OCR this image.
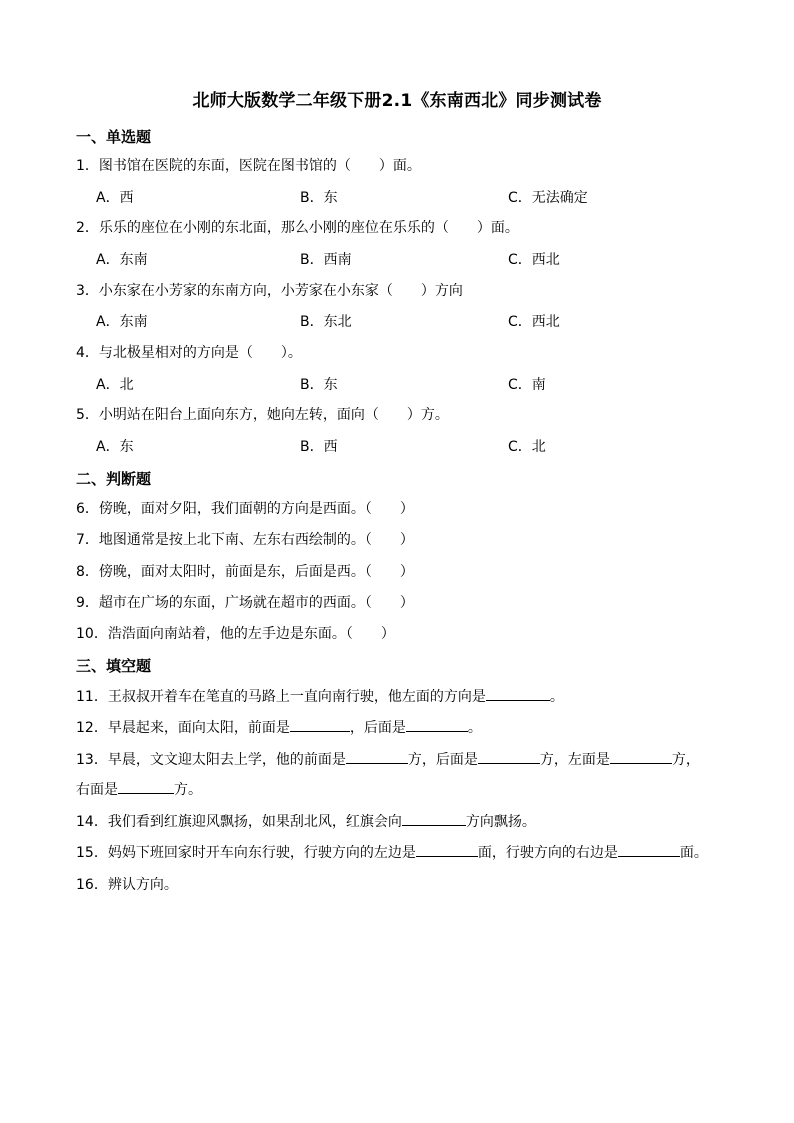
北师大版数学二年级下册2.1《东南西北》同步测试卷
一、单选题
1．图书馆在医院的东面，医院在图书馆的（　　）面。
A．西	B．东	C．无法确定
2．乐乐的座位在小刚的东北面，那么小刚的座位在乐乐的（　　）面。
A．东南	B．西南	C．西北
3．小东家在小芳家的东南方向，小芳家在小东家（　　）方向
A．东南	B．东北	C．西北
4．与北极星相对的方向是（　　）。
A．北	B．东	C．南
5．小明站在阳台上面向东方，她向左转，面向（　　）方。
A．东	B．西	C．北
二、判断题
6．傍晚，面对夕阳，我们面朝的方向是西面。（　　）
7．地图通常是按上北下南、左东右西绘制的。（　　）
8．傍晚，面对太阳时，前面是东，后面是西。（　　）
9．超市在广场的东面，广场就在超市的西面。（　　）
10．浩浩面向南站着，他的左手边是东面。（　　）
三、填空题
11．王叔叔开着车在笔直的马路上一直向南行驶，他左面的方向是	。
12．早晨起来，面向太阳，前面是	，后面是	。
13．早晨，文文迎太阳去上学，他的前面是	方，后面是	方，左面是	方，
右面是	方。
14．我们看到红旗迎风飘扬，如果刮北风，红旗会向	方向飘扬。
15．妈妈下班回家时开车向东行驶，行驶方向的左边是	面，行驶方向的右边是	面。
16．辨认方向。
